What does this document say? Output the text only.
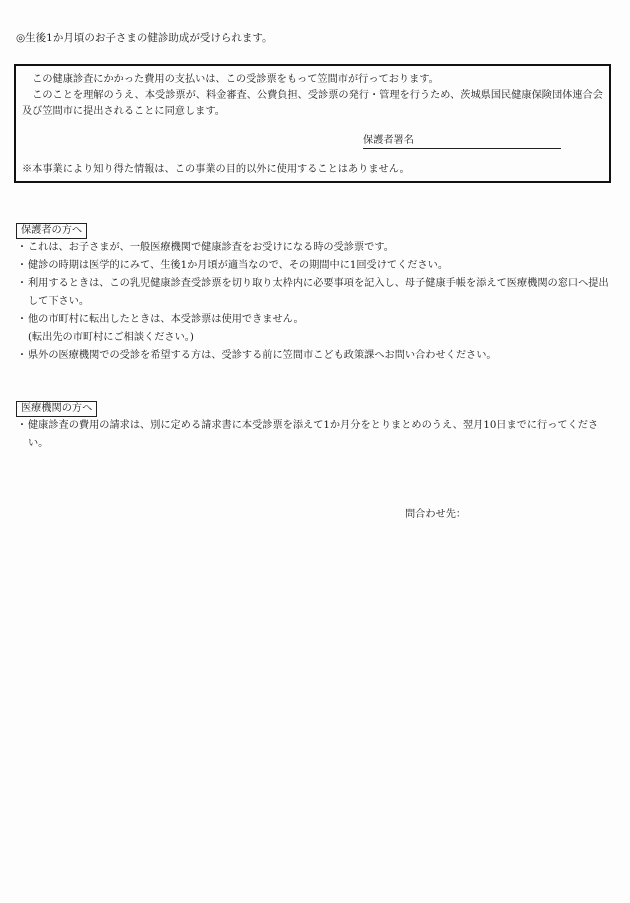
◎生後1か月頃のお子さまの健診助成が受けられます。
この健康診査にかかった費用の支払いは、この受診票をもって笠間市が行っております。
このことを理解のうえ、本受診票が、料金審査、公費負担、受診票の発行・管理を行うため、茨城県国民健康保険団体連合会及び笠間市に提出されることに同意します。
保護者署名
※本事業により知り得た情報は、この事業の目的以外に使用することはありません。
保護者の方へ
・これは、お子さまが、一般医療機関で健康診査をお受けになる時の受診票です。
・健診の時期は医学的にみて、生後1か月頃が適当なので、その期間中に1回受けてください。
・利用するときは、この乳児健康診査受診票を切り取り太枠内に必要事項を記入し、母子健康手帳を添えて医療機関の窓口へ提出して下さい。
・他の市町村に転出したときは、本受診票は使用できません。
(転出先の市町村にご相談ください。)
・県外の医療機関での受診を希望する方は、受診する前に笠間市こども政策課へお問い合わせください。
医療機関の方へ
・健康診査の費用の請求は、別に定める請求書に本受診票を添えて1か月分をとりまとめのうえ、翌月10日までに行ってください。
問合わせ先：
